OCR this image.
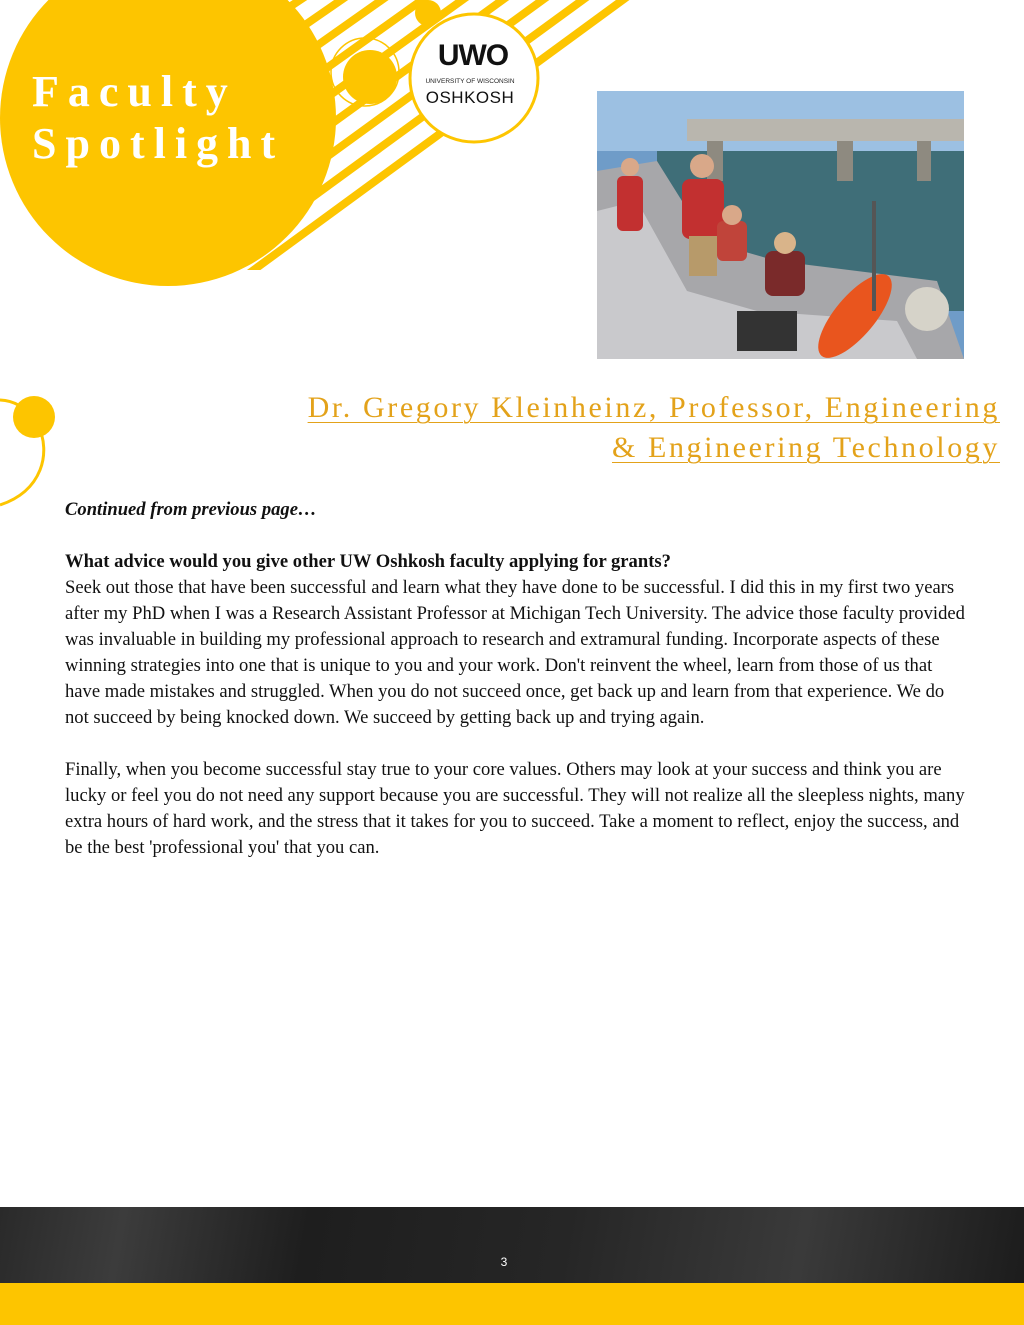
Faculty
Spotlight
UWO
UNIVERSITY OF WISCONSIN
OSHKOSH
Dr. Gregory Kleinheinz, Professor, Engineering
& Engineering Technology

Continued from previous page…

What advice would you give other UW Oshkosh faculty applying for grants?

Seek out those that have been successful and learn what they have done to be successful. I did this in my first two years after my PhD when I was a Research Assistant Professor at Michigan Tech University. The advice those faculty provided was invaluable in building my professional approach to research and extramural funding. Incorporate aspects of these winning strategies into one that is unique to you and your work. Don't reinvent the wheel, learn from those of us that have made mistakes and struggled. When you do not succeed once, get back up and learn from that experience. We do not succeed by being knocked down. We succeed by getting back up and trying again.

Finally, when you become successful stay true to your core values. Others may look at your success and think you are lucky or feel you do not need any support because you are successful. They will not realize all the sleepless nights, many extra hours of hard work, and the stress that it takes for you to succeed. Take a moment to reflect, enjoy the success, and be the best 'professional you' that you can.

3
